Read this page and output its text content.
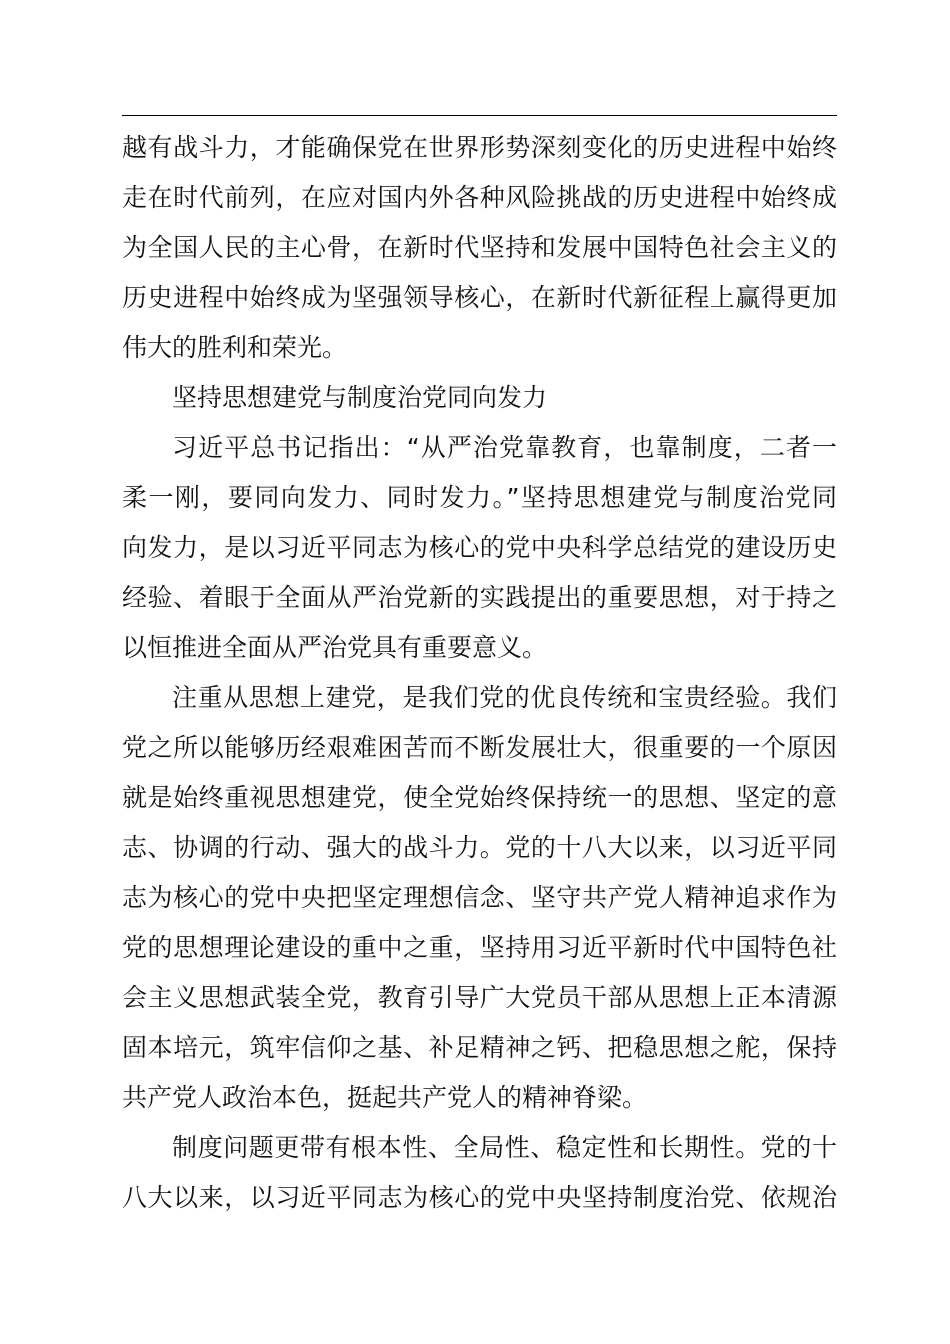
越有战斗力，才能确保党在世界形势深刻变化的历史进程中始终
走在时代前列，在应对国内外各种风险挑战的历史进程中始终成
为全国人民的主心骨，在新时代坚持和发展中国特色社会主义的
历史进程中始终成为坚强领导核心，在新时代新征程上赢得更加
伟大的胜利和荣光。
坚持思想建党与制度治党同向发力
习近平总书记指出：“从严治党靠教育，也靠制度，二者一
柔一刚，要同向发力、同时发力。”坚持思想建党与制度治党同
向发力，是以习近平同志为核心的党中央科学总结党的建设历史
经验、着眼于全面从严治党新的实践提出的重要思想，对于持之
以恒推进全面从严治党具有重要意义。
注重从思想上建党，是我们党的优良传统和宝贵经验。我们
党之所以能够历经艰难困苦而不断发展壮大，很重要的一个原因
就是始终重视思想建党，使全党始终保持统一的思想、坚定的意
志、协调的行动、强大的战斗力。党的十八大以来，以习近平同
志为核心的党中央把坚定理想信念、坚守共产党人精神追求作为
党的思想理论建设的重中之重，坚持用习近平新时代中国特色社
会主义思想武装全党，教育引导广大党员干部从思想上正本清源
固本培元，筑牢信仰之基、补足精神之钙、把稳思想之舵，保持
共产党人政治本色，挺起共产党人的精神脊梁。
制度问题更带有根本性、全局性、稳定性和长期性。党的十
八大以来，以习近平同志为核心的党中央坚持制度治党、依规治
